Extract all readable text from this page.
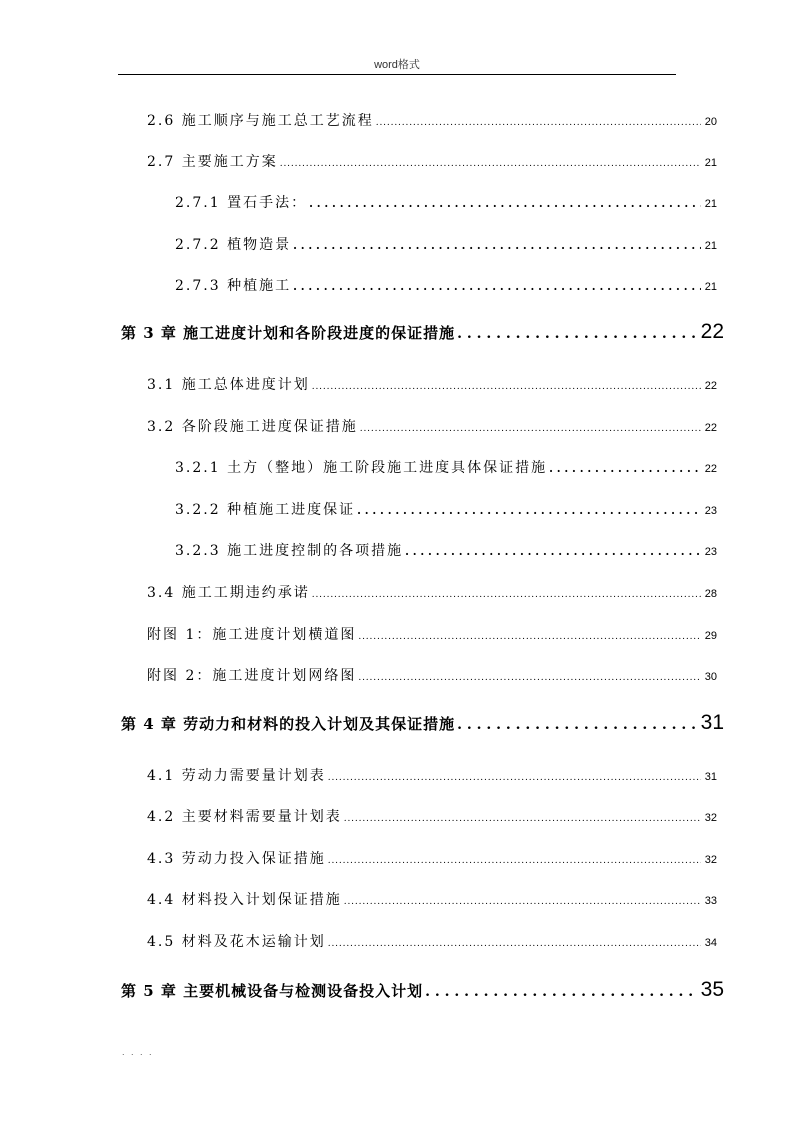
word格式
2.6 施工顺序与施工总工艺流程 . . .	20
2.7 主要施工方案 . . .	21
2.7.1 置石手法： . . .	21
2.7.2 植物造景 . . .	21
2.7.3 种植施工 . . .	21
第 3 章 施工进度计划和各阶段进度的保证措施 . . .	22
3.1 施工总体进度计划 . . .	22
3.2 各阶段施工进度保证措施 . . .	22
3.2.1 土方（整地）施工阶段施工进度具体保证措施 . . .	22
3.2.2 种植施工进度保证 . . .	23
3.2.3 施工进度控制的各项措施 . . .	23
3.4 施工工期违约承诺 . . .	28
附图 1：施工进度计划横道图 . . .	29
附图 2：施工进度计划网络图 . . .	30
第 4 章 劳动力和材料的投入计划及其保证措施 . . .	31
4.1 劳动力需要量计划表 . . .	31
4.2 主要材料需要量计划表 . . .	32
4.3 劳动力投入保证措施 . . .	32
4.4 材料投入计划保证措施 . . .	33
4.5 材料及花木运输计划 . . .	34
第 5 章 主要机械设备与检测设备投入计划 . . .	35
. . . .
